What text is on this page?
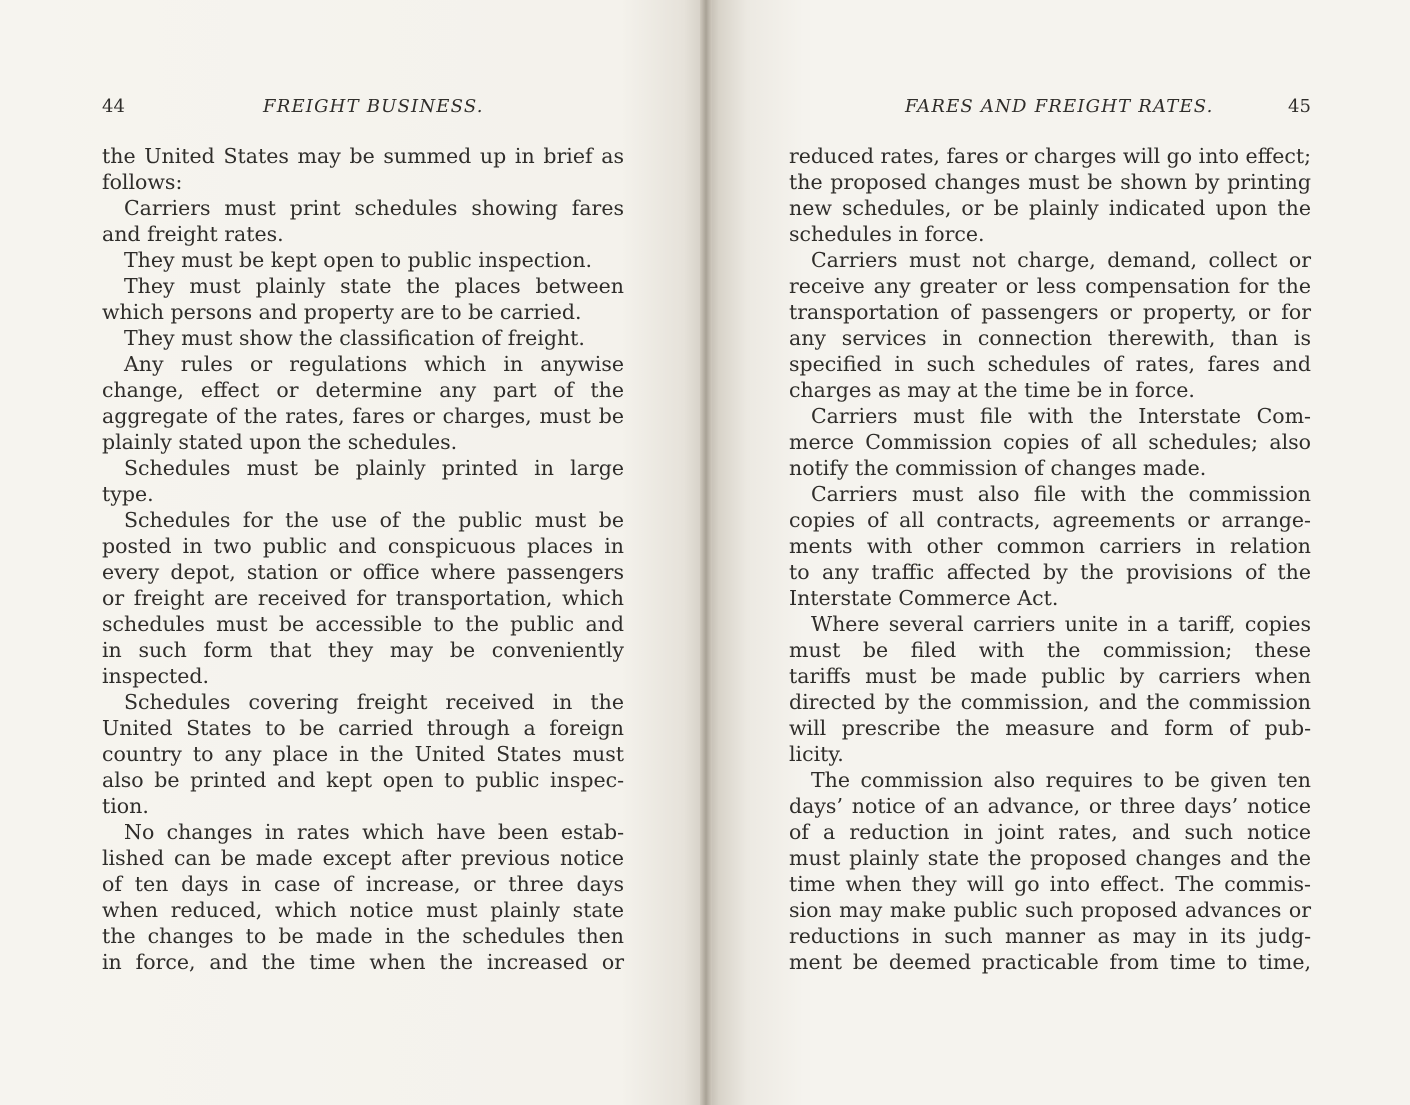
44	FREIGHT BUSINESS.
the United States may be summed up in brief as
follows:
Carriers must print schedules showing fares
and freight rates.
They must be kept open to public inspection.
They must plainly state the places between
which persons and property are to be carried.
They must show the classification of freight.
Any rules or regulations which in anywise
change, effect or determine any part of the
aggregate of the rates, fares or charges, must be
plainly stated upon the schedules.
Schedules must be plainly printed in large
type.
Schedules for the use of the public must be
posted in two public and conspicuous places in
every depot, station or office where passengers
or freight are received for transportation, which
schedules must be accessible to the public and
in such form that they may be conveniently
inspected.
Schedules covering freight received in the
United States to be carried through a foreign
country to any place in the United States must
also be printed and kept open to public inspec-
tion.
No changes in rates which have been estab-
lished can be made except after previous notice
of ten days in case of increase, or three days
when reduced, which notice must plainly state
the changes to be made in the schedules then
in force, and the time when the increased or
FARES AND FREIGHT RATES.	45
reduced rates, fares or charges will go into effect;
the proposed changes must be shown by printing
new schedules, or be plainly indicated upon the
schedules in force.
Carriers must not charge, demand, collect or
receive any greater or less compensation for the
transportation of passengers or property, or for
any services in connection therewith, than is
specified in such schedules of rates, fares and
charges as may at the time be in force.
Carriers must file with the Interstate Com-
merce Commission copies of all schedules; also
notify the commission of changes made.
Carriers must also file with the commission
copies of all contracts, agreements or arrange-
ments with other common carriers in relation
to any traffic affected by the provisions of the
Interstate Commerce Act.
Where several carriers unite in a tariff, copies
must be filed with the commission; these
tariffs must be made public by carriers when
directed by the commission, and the commission
will prescribe the measure and form of pub-
licity.
The commission also requires to be given ten
days’ notice of an advance, or three days’ notice
of a reduction in joint rates, and such notice
must plainly state the proposed changes and the
time when they will go into effect. The commis-
sion may make public such proposed advances or
reductions in such manner as may in its judg-
ment be deemed practicable from time to time,
